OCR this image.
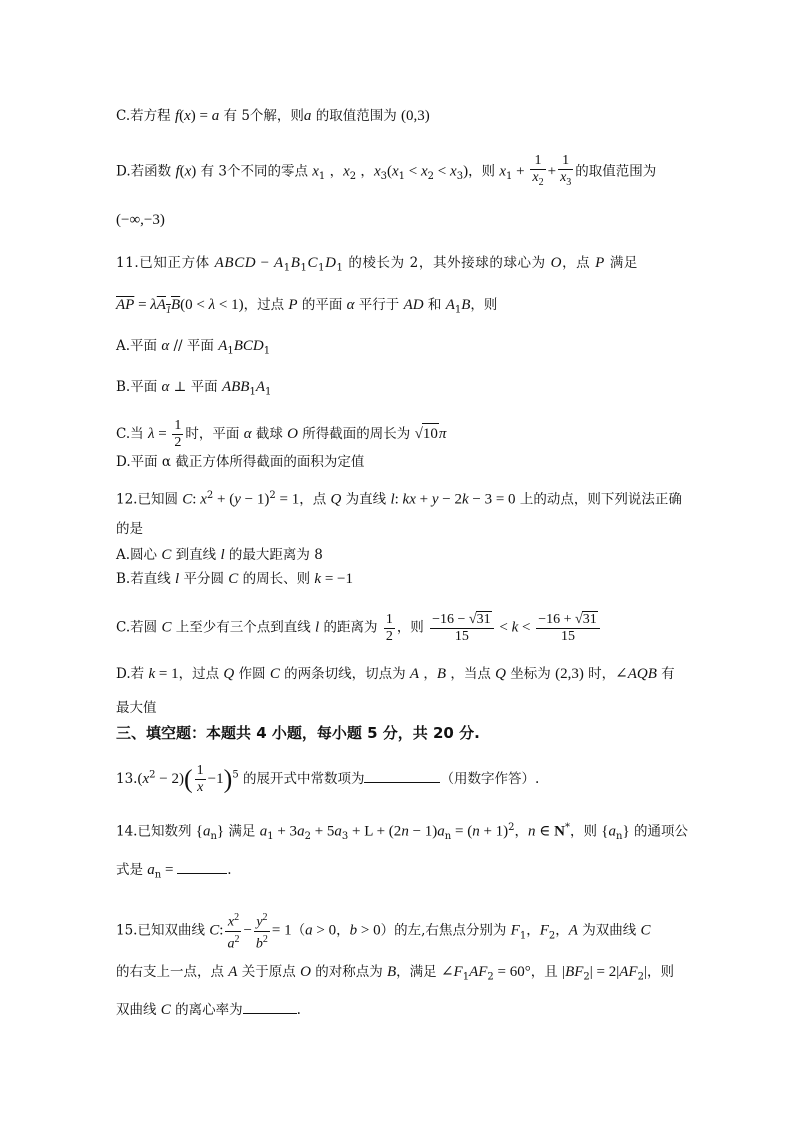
C.若方程 f(x) = a 有 5个解，则a 的取值范围为 (0,3)
D.若函数 f(x) 有 3个不同的零点 $x_1$ ，$x_2$ ，$x_3(x_1 < x_2 < x_3)$，则 $x_1 + \frac{1}{x_2} + \frac{1}{x_3}$ 的取值范围为
(−∞,−3)
11.已知正方体 ABCD − $A_1B_1C_1D_1$ 的棱长为 2，其外接球的球心为 O，点 P 满足
$\overline{AP} = \lambda A_1B(0 < \lambda < 1)$，过点 P 的平面 α 平行于 AD 和 $A_1B$，则
A.平面 α // 平面 $A_1BCD_1$
B.平面 α ⊥ 平面 $ABB_1A_1$
C.当 $\lambda = \frac{1}{2}$ 时，平面 α 截球 O 所得截面的周长为 √10π
D.平面 α 截正方体所得截面的面积为定值
12.已知圆 C: $x^2 + (y - 1)^2 = 1$，点 Q 为直线 l: kx + y − 2k − 3 = 0 上的动点，则下列说法正确
的是
A.圆心 C 到直线 l 的最大距离为 8
B.若直线 l 平分圆 C 的周长、则 k = −1
C.若圆 C 上至少有三个点到直线 l 的距离为 $\frac{1}{2}$ ，则 $\frac{-16 - √31}{15} < k < \frac{-16 + √31}{15}$
D.若 k = 1，过点 Q 作圆 C 的两条切线，切点为 A ，B ，当点 Q 坐标为 (2,3) 时，∠AQB 有
最大值
三、填空题：本题共 4 小题，每小题 5 分，共 20 分.
$13.(x^2 - 2)( \frac{1}{x} -1)^5$ 的展开式中常数项为	（用数字作答）.
14.已知数列 $\{a_n\}$ 满足 $a_1 + 3a_2 + 5a_3 + L + (2n - 1)a_n = (n + 1)^2$，n ∈ N*，则 $\{a_n\}$ 的通项公
式是 $a_n$ =	.
15.已知双曲线 C: $\frac{x^2}{a^2} - \frac{y^2}{b^2} = 1(a > 0$，b > 0）的左,右焦点分别为 $F_1$，$F_2$，A 为双曲线 C
的右支上一点，点 A 关于原点 O 的对称点为 B，满足 $\angle F_1AF_2 = 60^\circ$，且 $|BF_2| = 2|AF_2|$，则
双曲线 C 的离心率为	.
